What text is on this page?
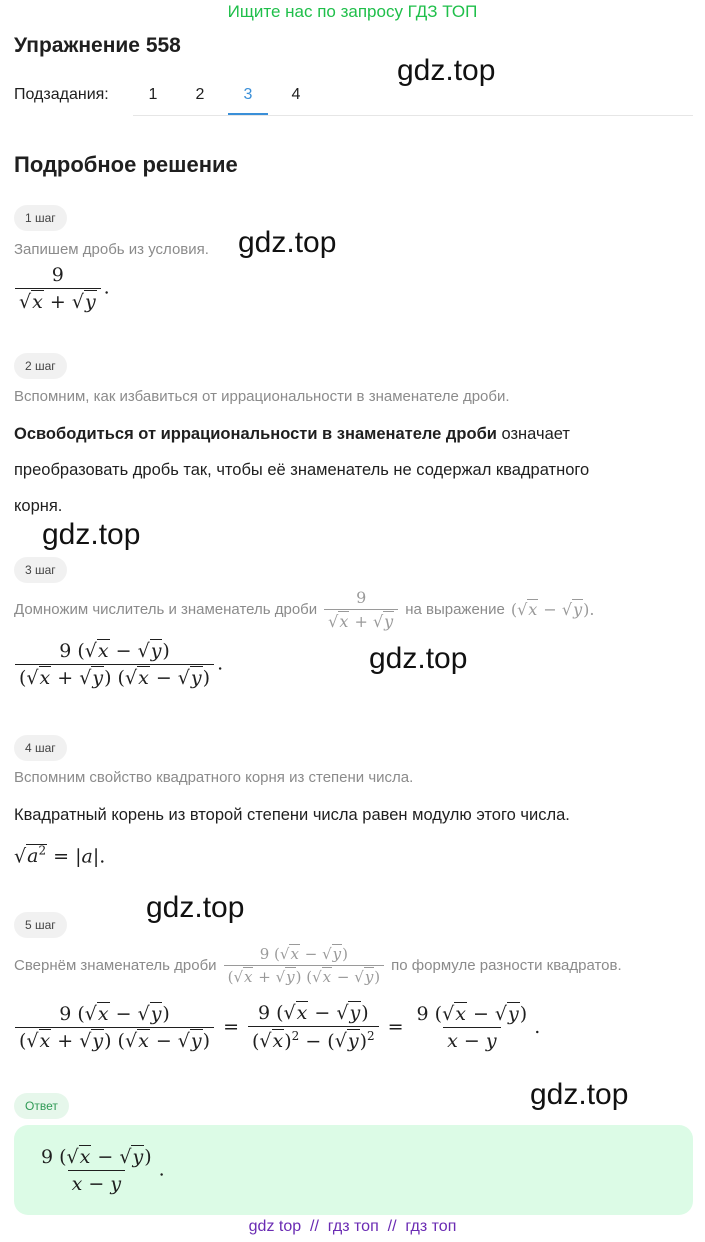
Ищите нас по запросу ГДЗ ТОП
Упражнение 558
gdz.top
Подзадания:	1	2	3	4
Подробное решение
1 шаг
Запишем дробь из условия. gdz.top
$\frac{9}{√x + √y}$ .
2 шаг
Вспомним, как избавиться от иррациональности в знаменателе дроби.
Освободиться от иррациональности в знаменателе дроби означает
преобразовать дробь так, чтобы её знаменатель не содержал квадратного
корня.
gdz.top
3 шаг
Домножим числитель и знаменатель дроби $\frac{9}{√x + √y}$ на выражение (√x − √y).
$\frac{9 (√x - √y)}{(√x + √y) (√x - √y)}$ .	gdz.top
4 шаг
Вспомним свойство квадратного корня из степени числа.
Квадратный корень из второй степени числа равен модулю этого числа.
$√a^2 = |a|$.
gdz.top
5 шаг
Свернём знаменатель дроби $\frac{9 (√x - √y)}{(√x + √y) (√x - √y)}$ по формуле разности квадратов.
$\frac{9 (√x - √y)}{(√x + √y) (√x - √y)} = \frac{9 (√x - √y)}{(√x)^2 - (√y)^2} = \frac{9 (√x - √y)}{x - y}$ .
gdz.top
Ответ
$\frac{9 (√x - √y)}{x - y}$ .
gdz top  //  гдз топ  //  гдз топ
